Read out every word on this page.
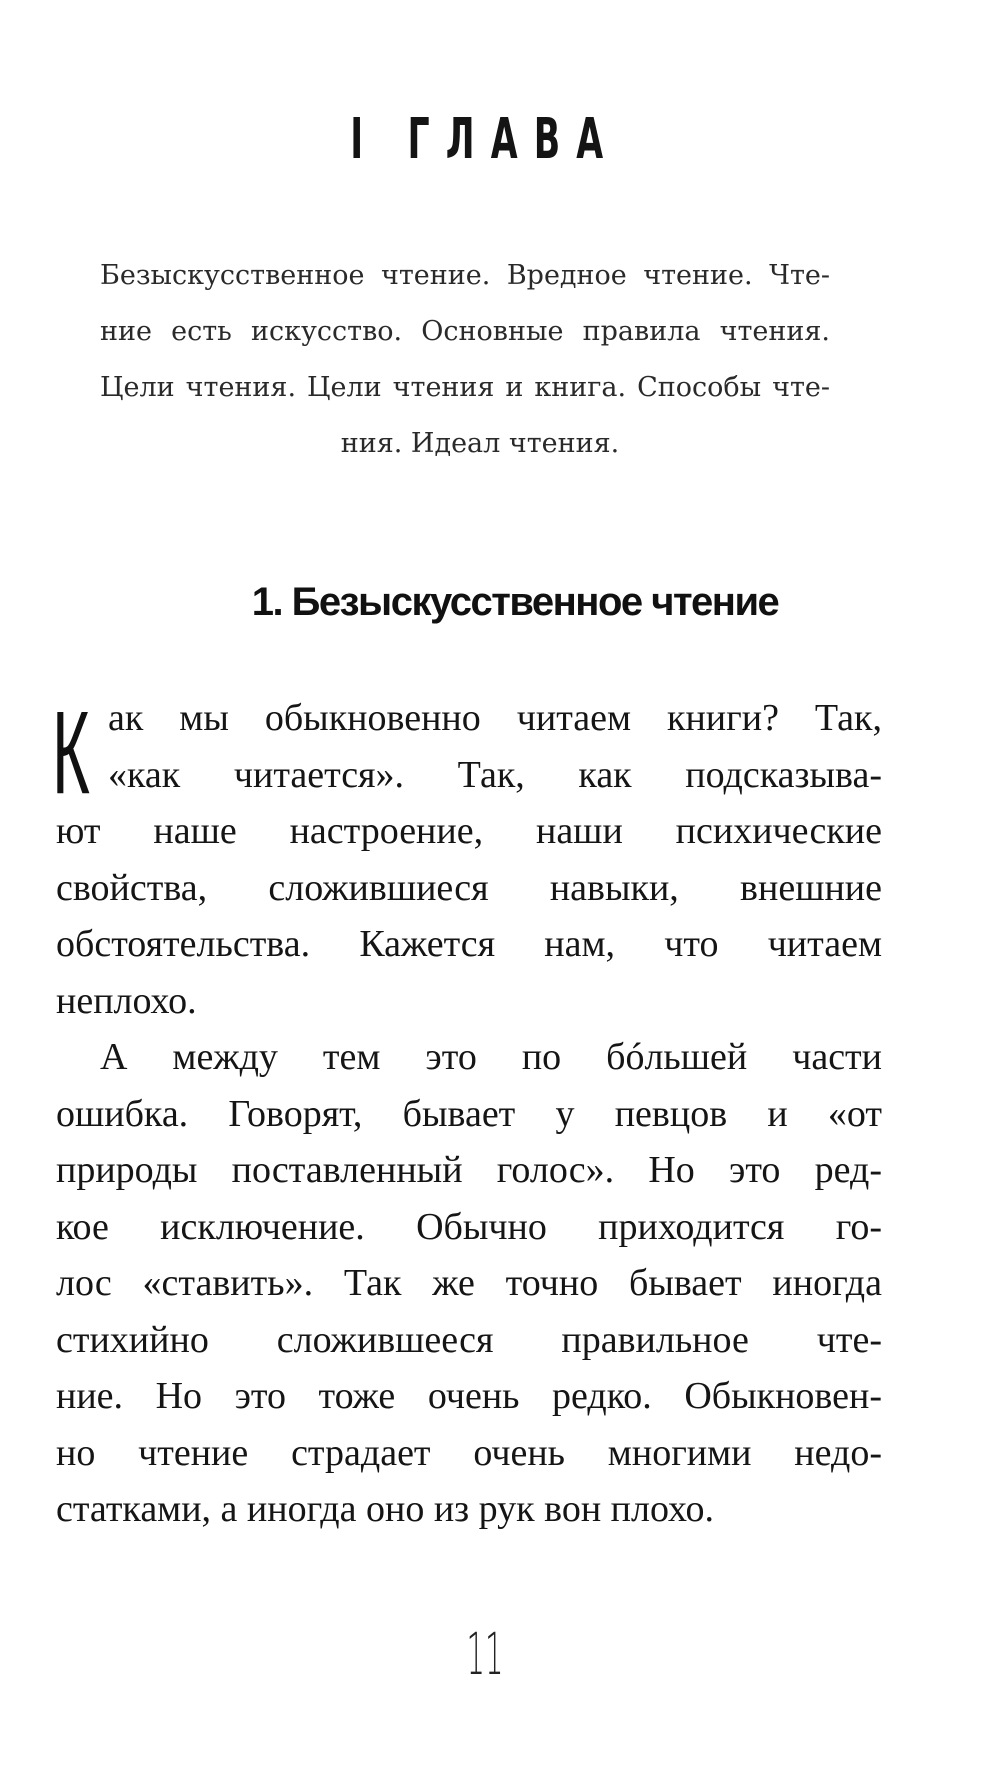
I ГЛАВА
Безыскусственное чтение. Вредное чтение. Чте-
ние есть искусство. Основные правила чтения.
Цели чтения. Цели чтения и книга. Способы чте-
ния. Идеал чтения.
1. Безыскусственное чтение
К ак мы обыкновенно читаем книги? Так,
«как читается». Так, как подсказыва-
ют наше настроение, наши психические
свойства, сложившиеся навыки, внешние
обстоятельства. Кажется нам, что читаем
неплохо.
А между тем это по бóльшей части
ошибка. Говорят, бывает у певцов и «от
природы поставленный голос». Но это ред-
кое исключение. Обычно приходится го-
лос «ставить». Так же точно бывает иногда
стихийно сложившееся правильное чте-
ние. Но это тоже очень редко. Обыкновен-
но чтение страдает очень многими недо-
статками, а иногда оно из рук вон плохо.
11
